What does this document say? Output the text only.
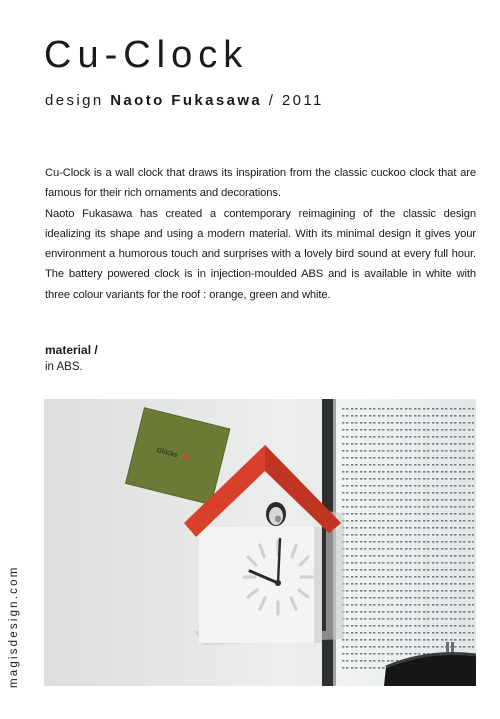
Cu-Clock
design Naoto Fukasawa / 2011

Cu-Clock is a wall clock that draws its inspiration from the classic cuckoo clock that are famous for their rich ornaments and decorations.

Naoto Fukasawa has created a contemporary reimagining of the classic design idealizing its shape and using a modern material. With its minimal design it gives your environment a humorous touch and surprises with a lovely bird sound at every full hour. The battery powered clock is in injection-moulded ABS and is available in white with three colour variants for the roof : orange, green and white.

material /
in ABS.
magisdesign.com
Glücks
